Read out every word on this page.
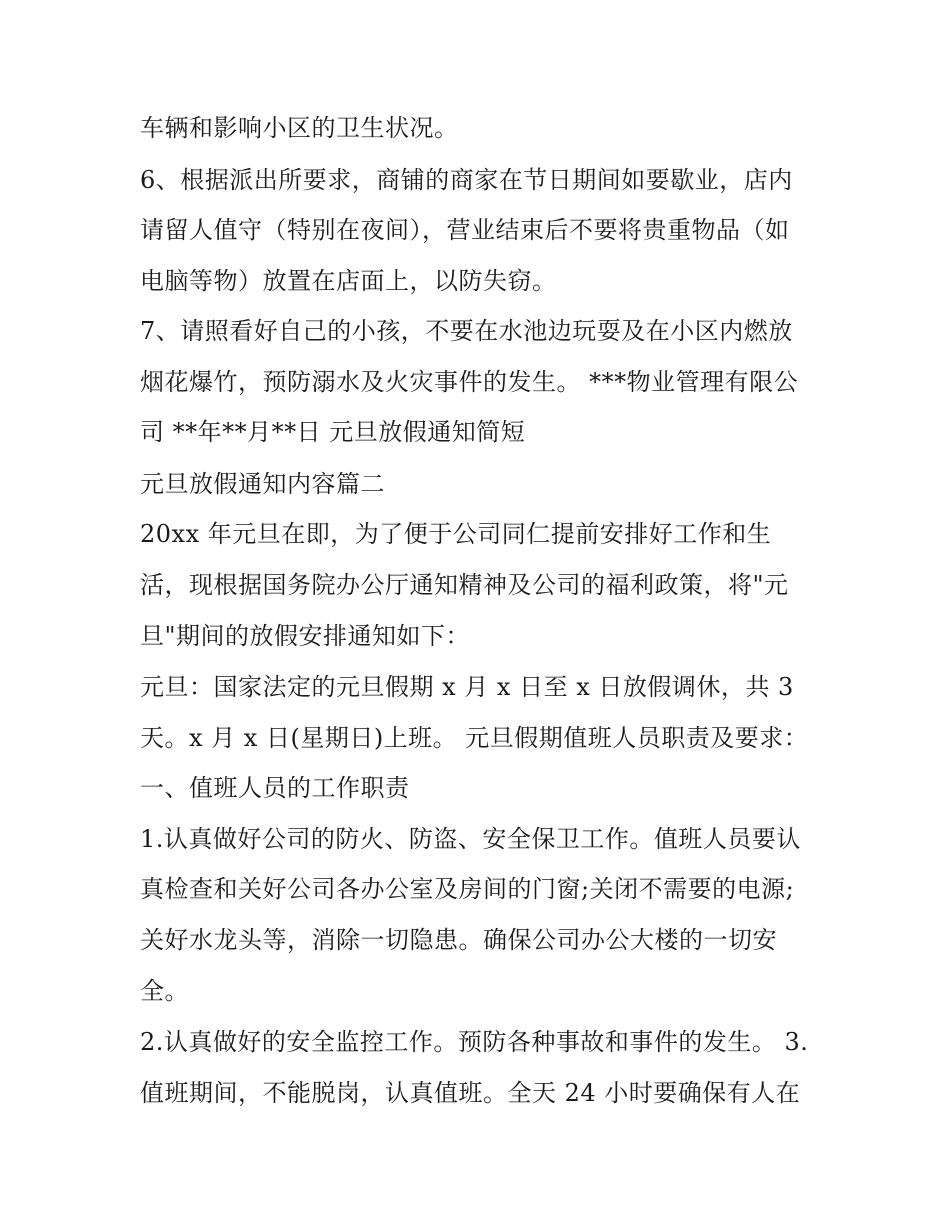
车辆和影响小区的卫生状况。
6、根据派出所要求，商铺的商家在节日期间如要歇业，店内
请留人值守（特别在夜间），营业结束后不要将贵重物品（如
电脑等物）放置在店面上，以防失窃。
7、请照看好自己的小孩，不要在水池边玩耍及在小区内燃放
烟花爆竹，预防溺水及火灾事件的发生。 ***物业管理有限公
司 **年**月**日 元旦放假通知简短
元旦放假通知内容篇二
20xx 年元旦在即，为了便于公司同仁提前安排好工作和生
活，现根据国务院办公厅通知精神及公司的福利政策，将"元
旦"期间的放假安排通知如下：
元旦：国家法定的元旦假期 x 月 x 日至 x 日放假调休，共 3
天。x 月 x 日(星期日)上班。 元旦假期值班人员职责及要求：
一、值班人员的工作职责
1.认真做好公司的防火、防盗、安全保卫工作。值班人员要认
真检查和关好公司各办公室及房间的门窗;关闭不需要的电源;
关好水龙头等，消除一切隐患。确保公司办公大楼的一切安
全。
2.认真做好的安全监控工作。预防各种事故和事件的发生。 3.
值班期间，不能脱岗，认真值班。全天 24 小时要确保有人在
